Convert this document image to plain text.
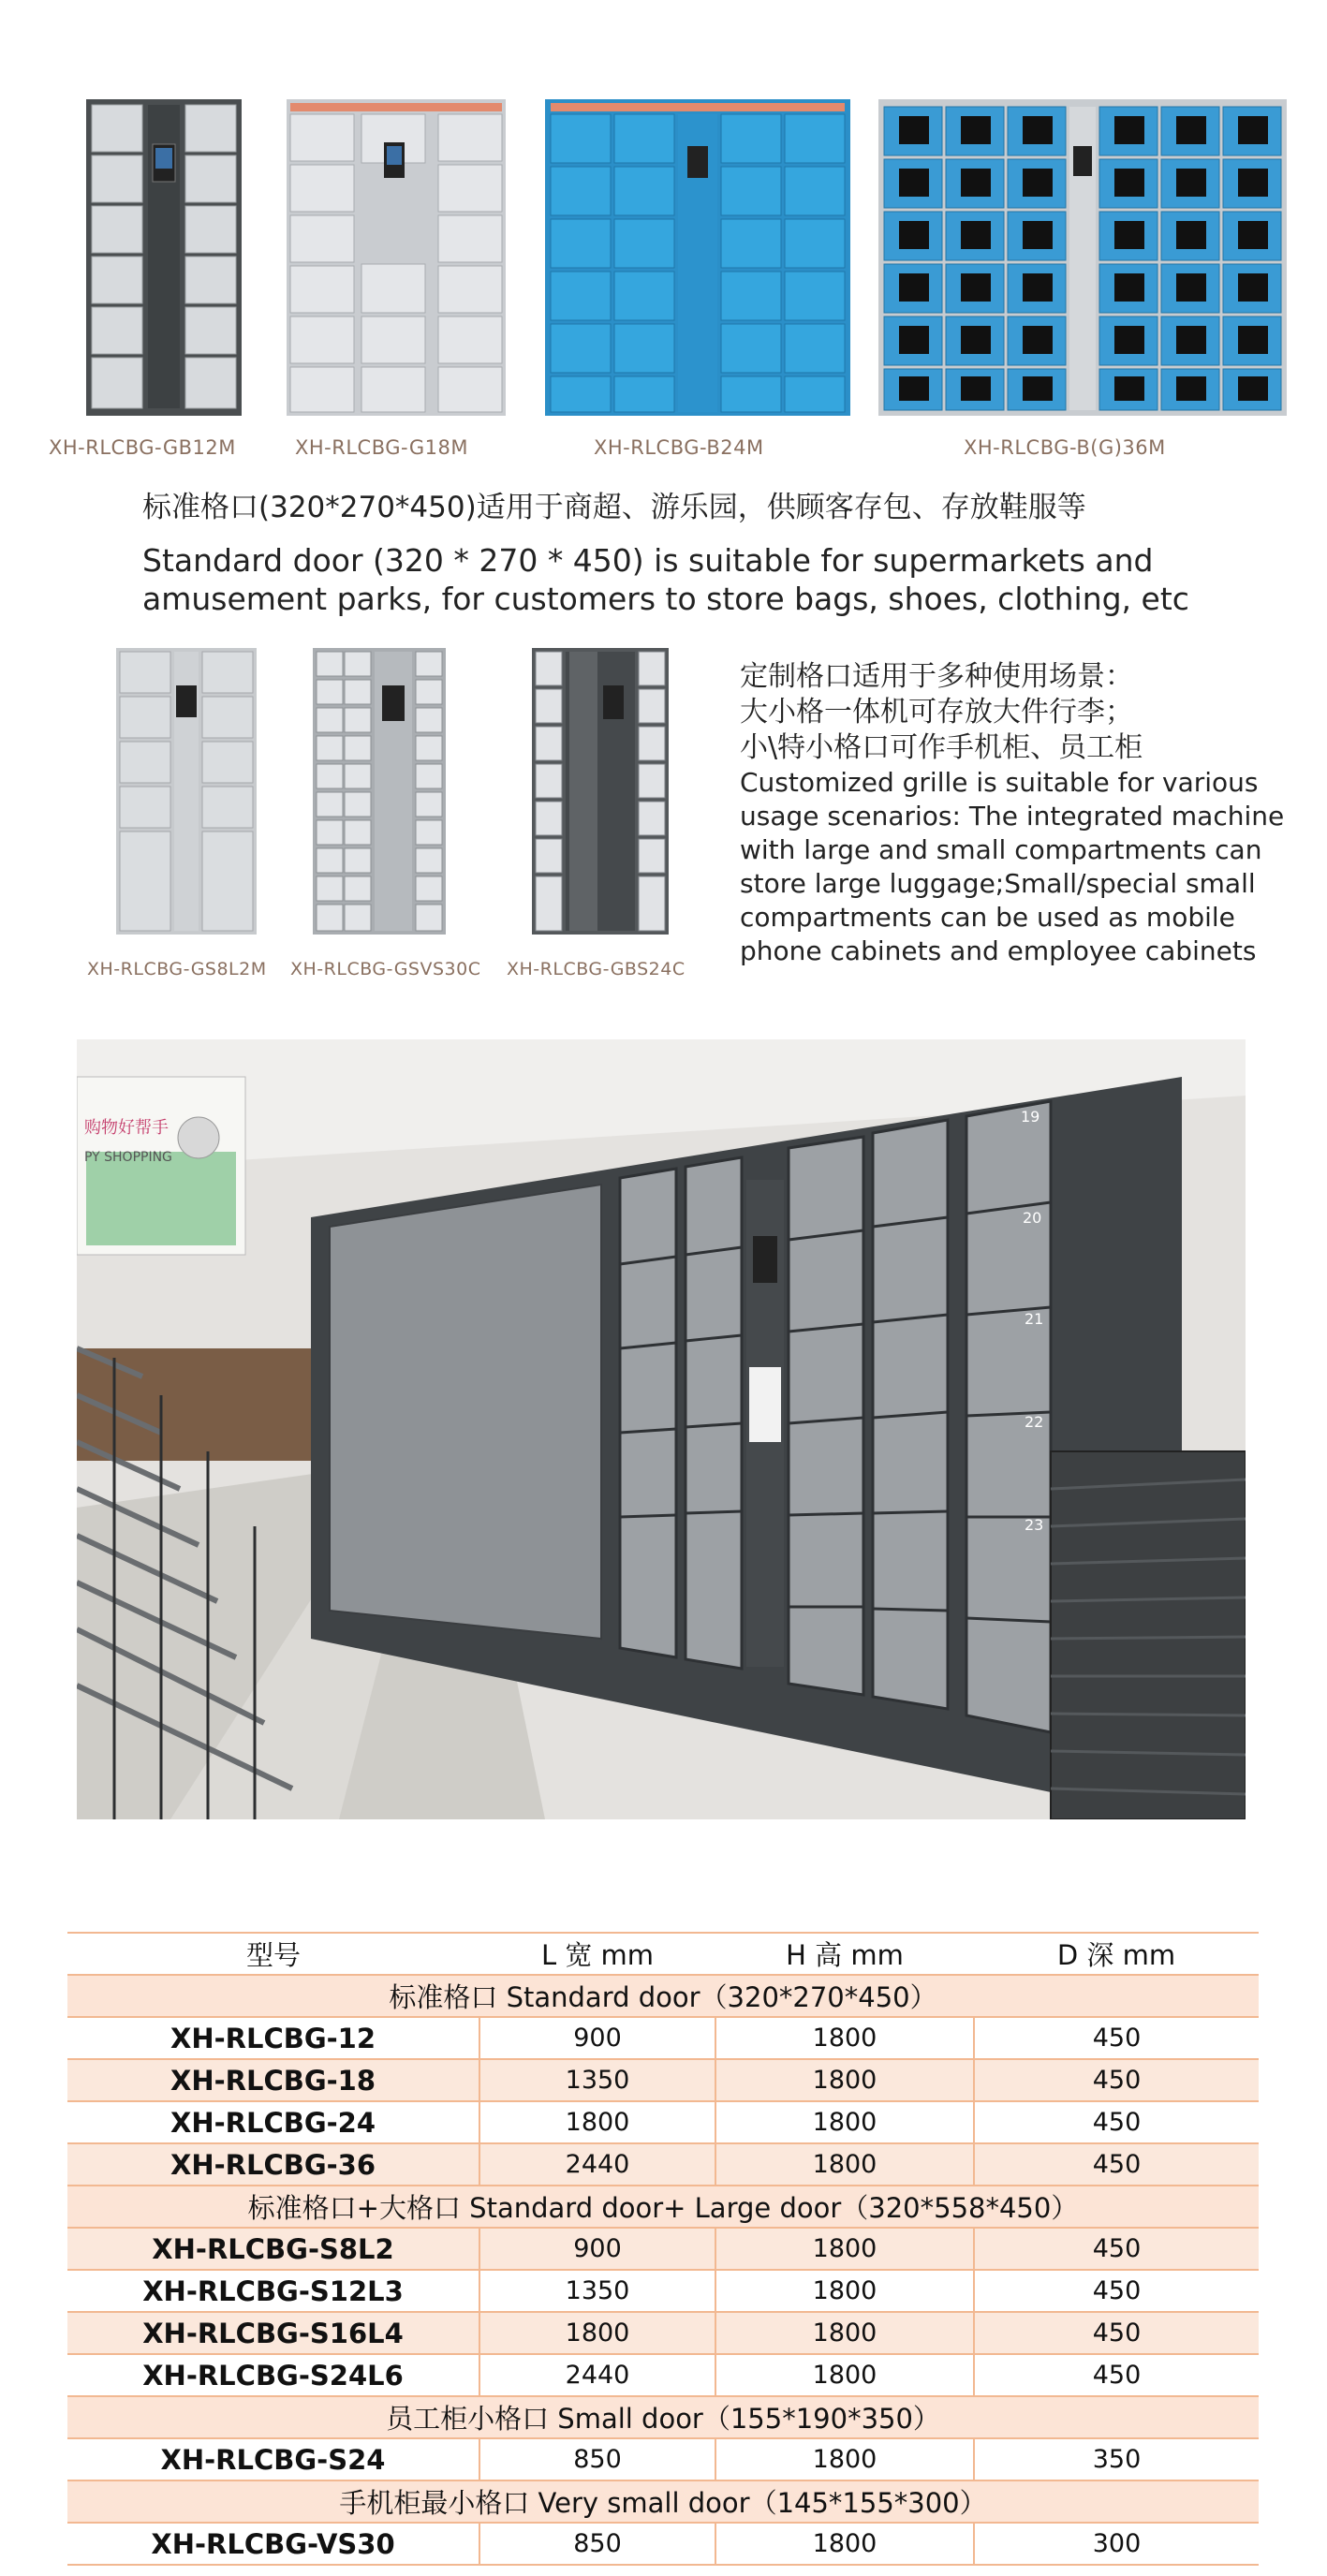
XH-RLCBG-GB12M	XH-RLCBG-G18M	XH-RLCBG-B24M	XH-RLCBG-B(G)36M
标准格口(320*270*450)适用于商超、游乐园，供顾客存包、存放鞋服等
Standard door (320 * 270 * 450) is suitable for supermarkets and
amusement parks, for customers to store bags, shoes, clothing, etc
XH-RLCBG-GS8L2M XH-RLCBG-GSVS30C XH-RLCBG-GBS24C
定制格口适用于多种使用场景：
大小格一体机可存放大件行李；
小\特小格口可作手机柜、员工柜
Customized grille is suitable for various
usage scenarios: The integrated machine
with large and small compartments can
store large luggage;Small/special small
compartments can be used as mobile
phone cabinets and employee cabinets
购物好帮手
PY SHOPPING
19
20
21
22
23
型号	L 宽 mm	H 高 mm	D 深 mm
标准格口 Standard door（320*270*450）			
XH-RLCBG-12	900	1800	450
XH-RLCBG-18	1350	1800	450
XH-RLCBG-24	1800	1800	450
XH-RLCBG-36	2440	1800	450
标准格口+大格口 Standard door+ Large door（320*558*450）			
XH-RLCBG-S8L2	900	1800	450
XH-RLCBG-S12L3	1350	1800	450
XH-RLCBG-S16L4	1800	1800	450
XH-RLCBG-S24L6	2440	1800	450
员工柜小格口 Small door（155*190*350）			
XH-RLCBG-S24	850	1800	350
手机柜最小格口 Very small door（145*155*300）			
XH-RLCBG-VS30	850	1800	300
